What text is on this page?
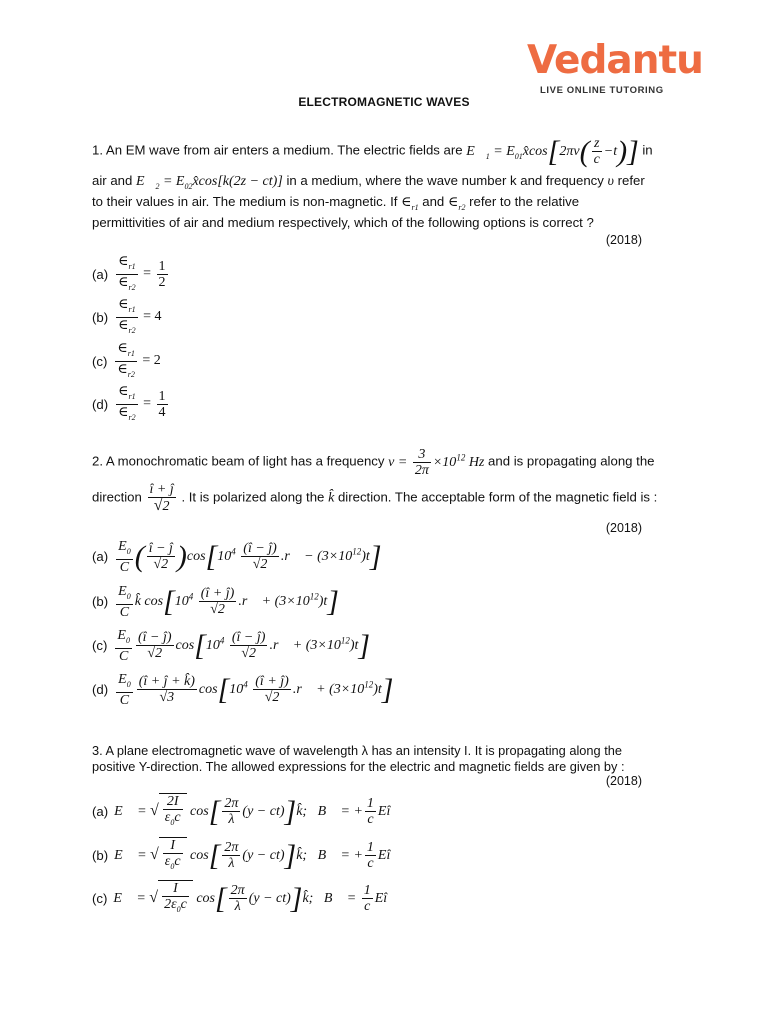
Vedantu
LIVE ONLINE TUTORING
ELECTROMAGNETIC WAVES
1. An EM wave from air enters a medium. The electric fields are $E⃗_1$ = $E_{01}x̂\cos[2\pi v( \frac{z}{c} -t)]$ in
air and $E⃗_2$ = $E_{02}x̂\cos[k(2z - ct)]$ in a medium, where the wave number k and frequency υ refer
to their values in air. The medium is non-magnetic. If $\in_{r1}$ and $\in_{r2}$ refer to the relative
permittivities of air and medium respectively, which of the following options is correct ?
(2018)
$(a) \frac{\in_{r1}}{\in_{r2}} = \frac{1}{2}$
$(b) \frac{\in_{r1}}{\in_{r2}} = 4$
$(c) \frac{\in_{r1}}{\in_{r2}} = 2$
$(d) \frac{\in_{r1}}{\in_{r2}} = \frac{1}{4}$
2. A monochromatic beam of light has a frequency $v = \frac{3}{2\pi} \times 10^{12}$ Hz and is propagating along the
direction $\frac{î + ĵ}{√2}$ . It is polarized along the k̂ direction. The acceptable form of the magnetic field is :
(2018)
$(a) \frac{E_0}{C}$ ( $\frac{î - ĵ}{√2} )\cos[10^4 \frac{(î - ĵ)}{√2}$ .r⃗ − $(3\times 10^{12})t$]
$(b) \frac{E_0}{C}$ k̂ $\cos[10^4 \frac{(î + ĵ)}{√2}$ .r⃗ + $(3\times 10^{12})t$]
$(c) \frac{E_0}{C} \frac{(î - ĵ)}{√2} \cos[10^4 \frac{(î - ĵ)}{√2}$ .r⃗ + $(3\times 10^{12})t$]
$(d) \frac{E_0}{C} \frac{(î + ĵ + k̂)}{√3} \cos[10^4 \frac{(î + ĵ)}{√2}$ .r⃗ + $(3\times 10^{12})t$]
3. A plane electromagnetic wave of wavelength λ has an intensity I. It is propagating along the
positive Y-direction. The allowed expressions for the electric and magnetic fields are given by :
(2018)
(a) E⃗ = √ $\frac{2I}{\varepsilon_0c} \cos[ \frac{2\pi}{\lambda} (y$ − ct)]k̂;   B⃗ = + $\frac{1}{c}$ Eî
(b) E⃗ = √ $\frac{I}{\varepsilon_0c} \cos[ \frac{2\pi}{\lambda} (y$ − ct)]k̂;   B⃗ = + $\frac{1}{c}$ Eî
(c) E⃗ = √ $\frac{I}{2\varepsilon_0c} \cos[ \frac{2\pi}{\lambda} (y$ − ct)]k̂;   B⃗ = $\frac{1}{c}$ Eî
